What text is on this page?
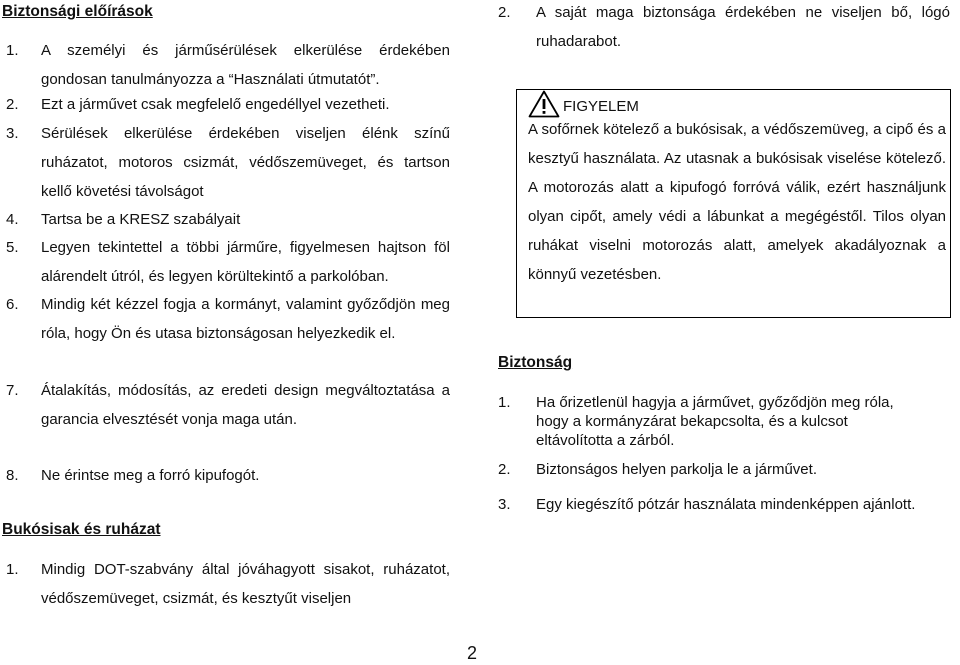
Biztonsági előírások
1. A személyi és járműsérülések elkerülése érdekében gondosan tanulmányozza a “Használati útmutatót”.
2. Ezt a járművet csak megfelelő engedéllyel vezetheti.
3. Sérülések elkerülése érdekében viseljen élénk színű ruházatot, motoros csizmát, védőszemüveget, és tartson kellő követési távolságot
4. Tartsa be a KRESZ szabályait
5. Legyen tekintettel a többi járműre, figyelmesen hajtson föl alárendelt útról, és legyen körültekintő a parkolóban.
6. Mindig két kézzel fogja a kormányt, valamint győződjön meg róla, hogy Ön és utasa biztonságosan helyezkedik el.
7. Átalakítás, módosítás, az eredeti design megváltoztatása a garancia elvesztését vonja maga után.
8. Ne érintse meg a forró kipufogót.
Bukósisak és ruházat
1. Mindig DOT-szabvány által jóváhagyott sisakot, ruházatot, védőszemüveget, csizmát, és kesztyűt viseljen
2. A saját maga biztonsága érdekében ne viseljen bő, lógó ruhadarabot.
FIGYELEM
A sofőrnek kötelező a bukósisak, a védőszemüveg, a cipő és a kesztyű használata. Az utasnak a bukósisak viselése kötelező. A motorozás alatt a kipufogó forróvá válik, ezért használjunk olyan cipőt, amely védi a lábunkat a megégéstől. Tilos olyan ruhákat viselni motorozás alatt, amelyek akadályoznak a könnyű vezetésben.
Biztonság
1. Ha őrizetlenül hagyja a járművet, győződjön meg róla, hogy a kormányzárat bekapcsolta, és a kulcsot eltávolította a zárból.
2. Biztonságos helyen parkolja le a járművet.
3. Egy kiegészítő pótzár használata mindenképpen ajánlott.
2
